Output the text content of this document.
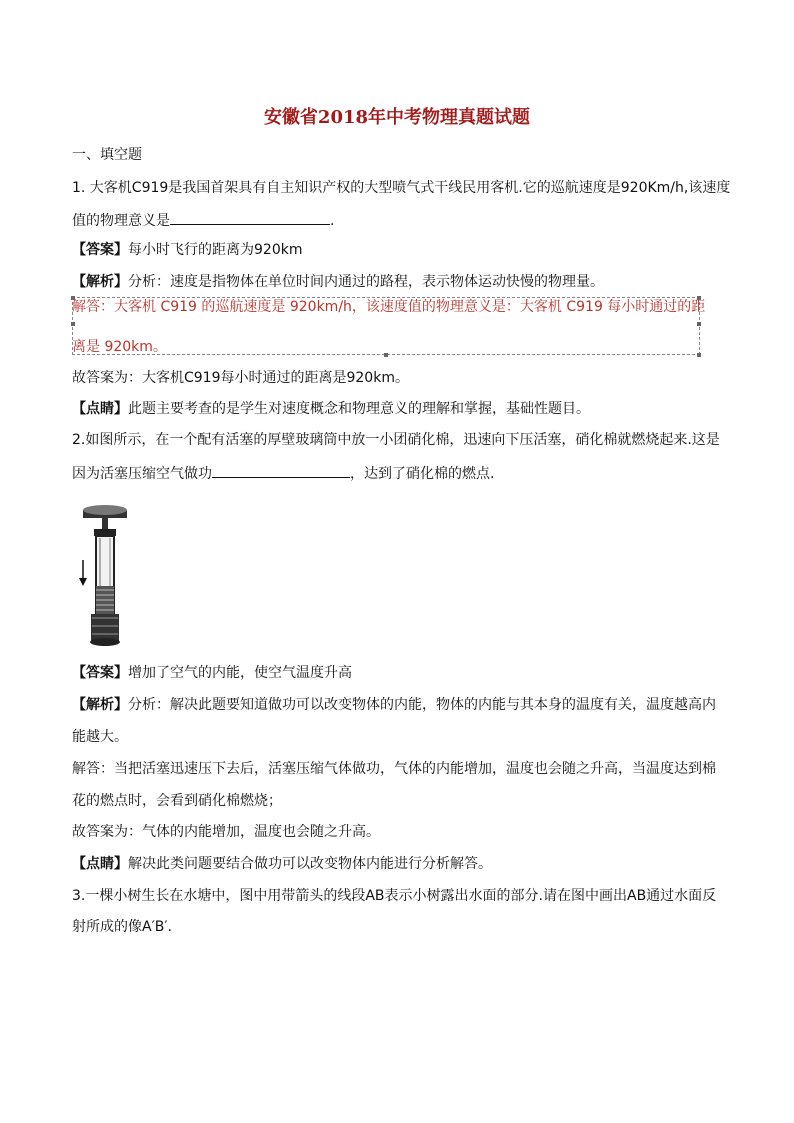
安徽省2018年中考物理真题试题
一、填空题
1. 大客机C919是我国首架具有自主知识产权的大型喷气式干线民用客机.它的巡航速度是920Km/h,该速度
值的物理意义是	.
【答案】每小时飞行的距离为920km
【解析】分析：速度是指物体在单位时间内通过的路程，表示物体运动快慢的物理量。
解答：大客机 C919 的巡航速度是 920km/h，该速度值的物理意义是：大客机 C919 每小时通过的距
离是 920km。
故答案为：大客机C919每小时通过的距离是920km。
【点睛】此题主要考查的是学生对速度概念和物理意义的理解和掌握，基础性题目。
2.如图所示，在一个配有活塞的厚壁玻璃筒中放一小团硝化棉，迅速向下压活塞，硝化棉就燃烧起来.这是
因为活塞压缩空气做功	，达到了硝化棉的燃点.
【答案】增加了空气的内能，使空气温度升高
【解析】分析：解决此题要知道做功可以改变物体的内能，物体的内能与其本身的温度有关，温度越高内
能越大。
解答：当把活塞迅速压下去后，活塞压缩气体做功，气体的内能增加，温度也会随之升高，当温度达到棉
花的燃点时，会看到硝化棉燃烧；
故答案为：气体的内能增加，温度也会随之升高。
【点睛】解决此类问题要结合做功可以改变物体内能进行分析解答。
3.一棵小树生长在水塘中，图中用带箭头的线段AB表示小树露出水面的部分.请在图中画出AB通过水面反
射所成的像A′B′.
